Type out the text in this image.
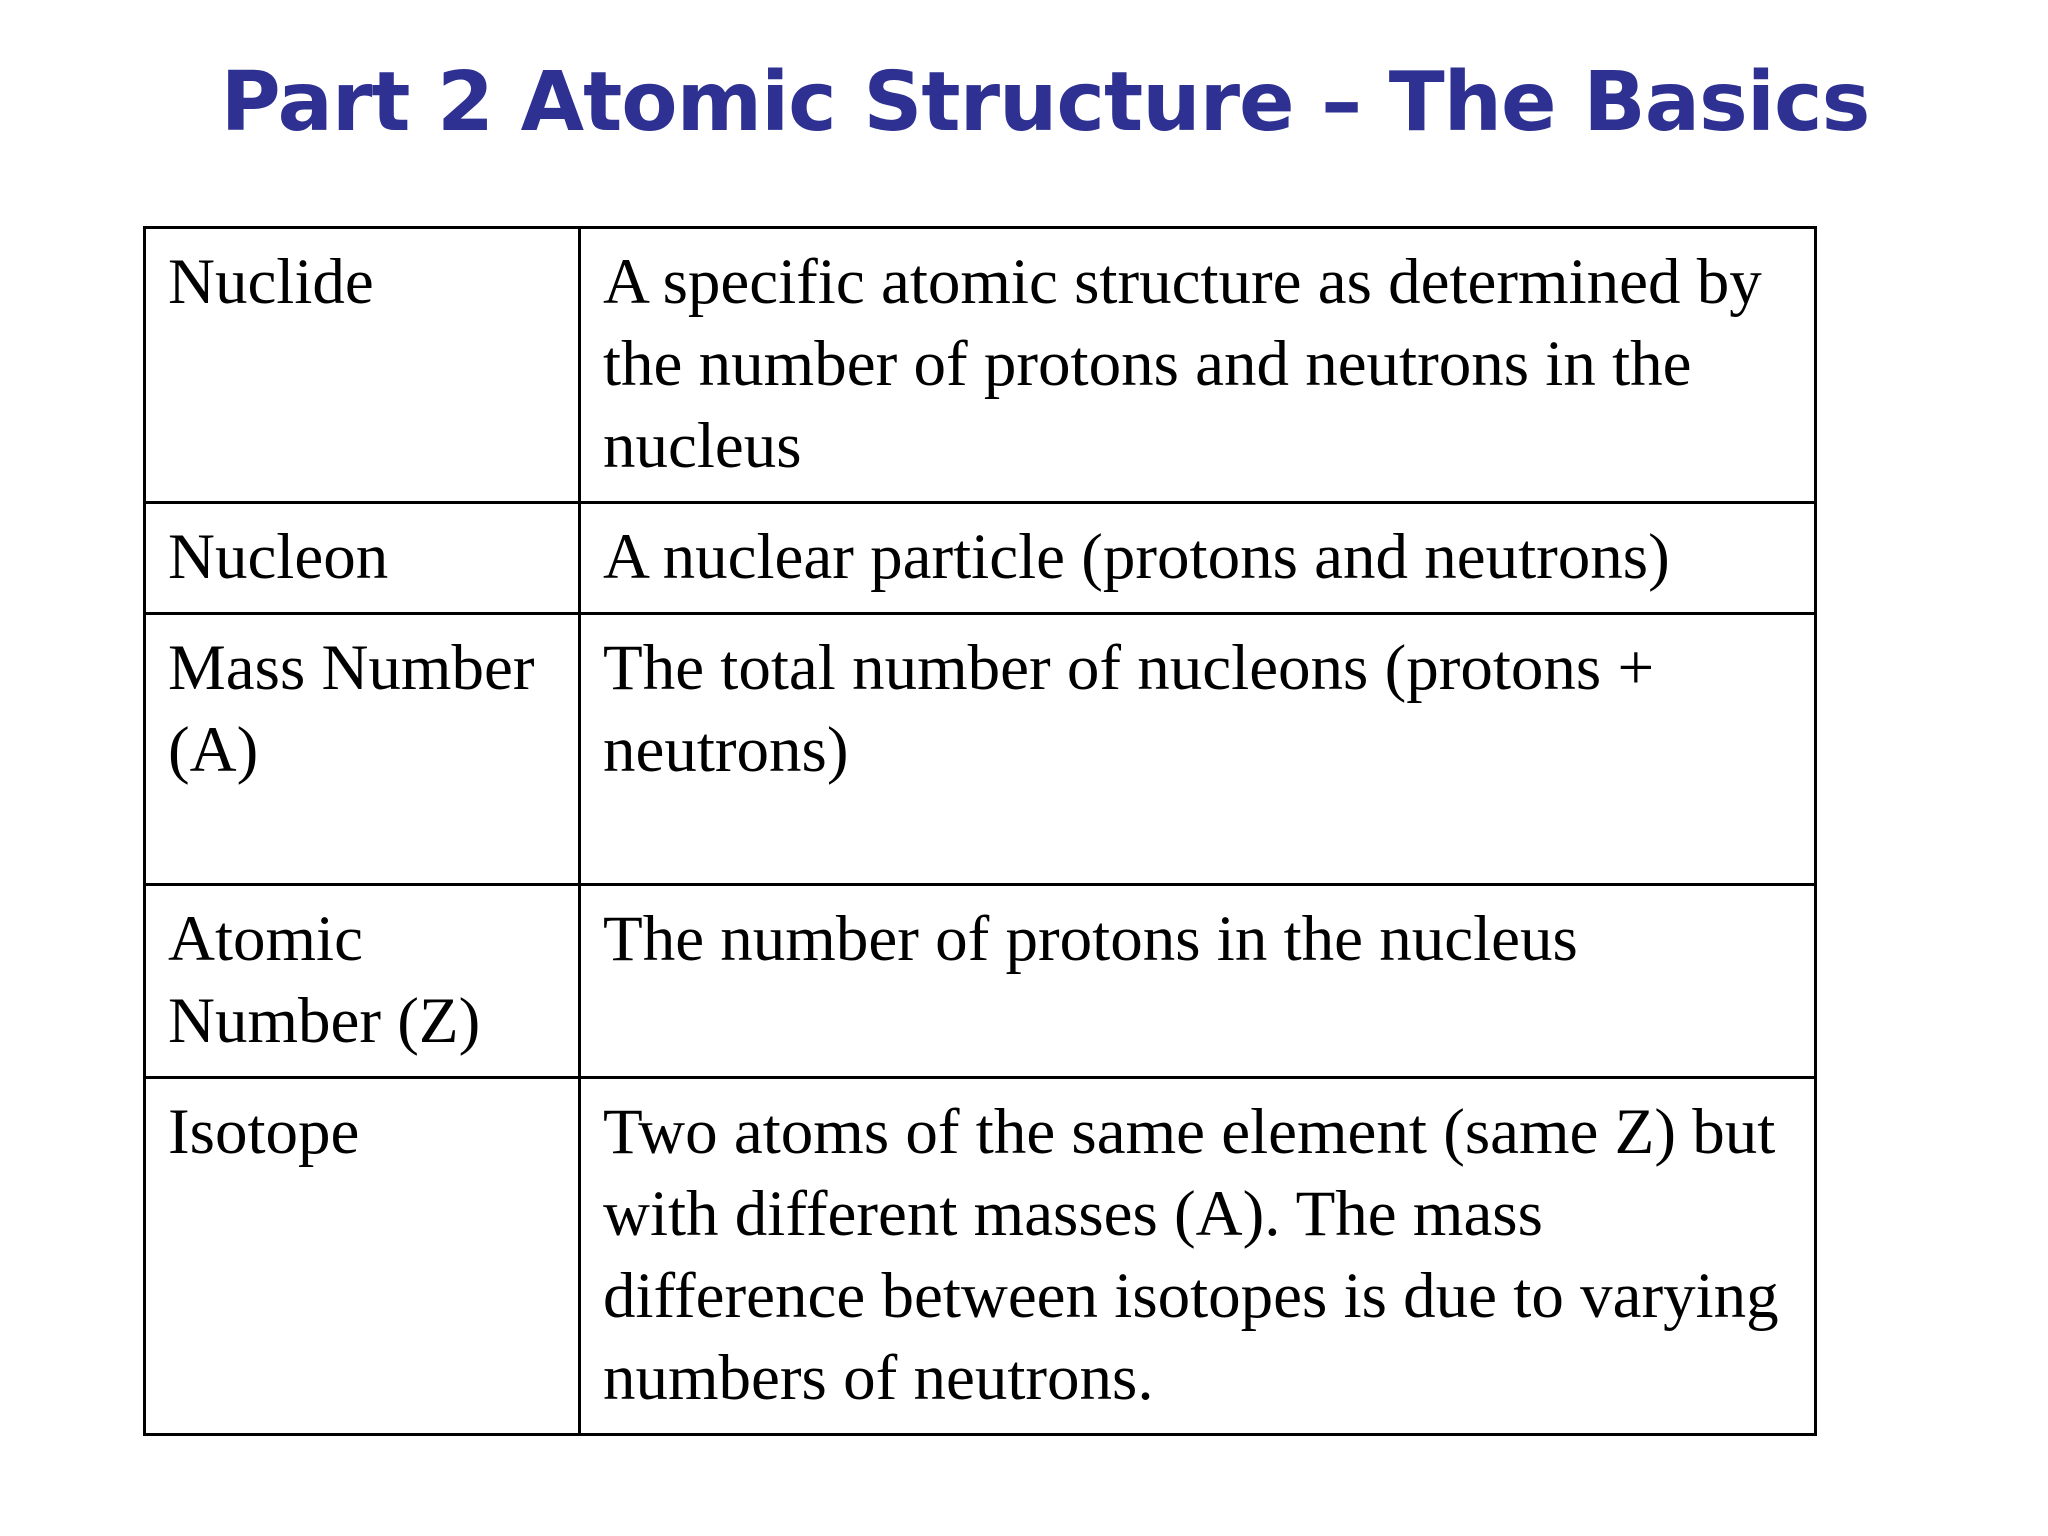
Part 2 Atomic Structure – The Basics
Nuclide	A specific atomic structure as determined by the number of protons and neutrons in the nucleus
Nucleon	A nuclear particle (protons and neutrons)
Mass Number (A)	The total number of nucleons (protons + neutrons)
Atomic Number (Z)	The number of protons in the nucleus
Isotope	Two atoms of the same element (same Z) but with different masses (A). The mass difference between isotopes is due to varying numbers of neutrons.
